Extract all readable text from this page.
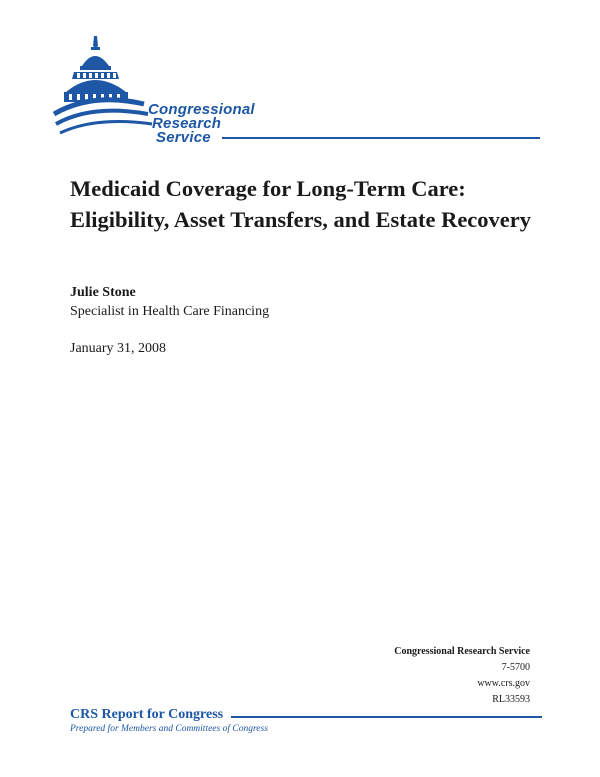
Congressional
Research
Service
Medicaid Coverage for Long-Term Care: Eligibility, Asset Transfers, and Estate Recovery
Julie Stone
Specialist in Health Care Financing
January 31, 2008
Congressional Research Service
7-5700
www.crs.gov
RL33593
CRS Report for Congress
Prepared for Members and Committees of Congress
